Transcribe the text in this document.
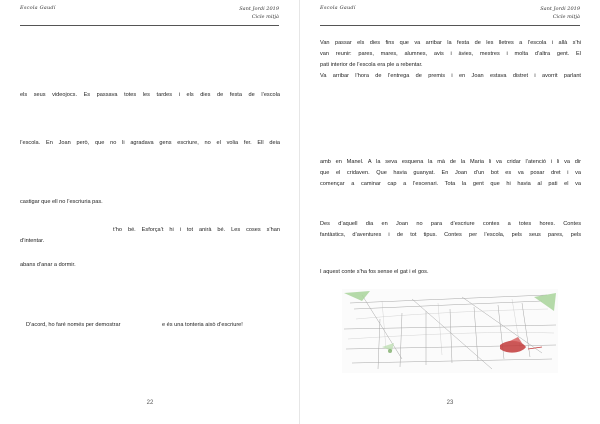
Escola Gaudí	Sant Jordi 2019
Cicle mitjà

els seus videojocs. Es passava totes les tardes i els dies de festa de l’escola

l’escola. En Joan però, que no li agradava gens escriure, no el volia fer. Ell deia

castigar que ell no l’escriuria pas.

t’ho bé. Esforça’t hi i tot anirà bé. Les coses s’han

d’intentar.

abans d’anar a dormir.

D’acord, ho faré només per demostrar	e és una tonteria això d’escriure!

22
Escola Gaudí	Sant Jordi 2019
Cicle mitjà

Van passar els dies fins que va arribar la festa de les lletres a l’escola i allà s’hi

van reunir: pares, mares, alumnes, avis i àvies, mestres i molta d’altra gent. El

pati interior de l’escola era ple a rebentar.

Va arribar l’hora de l’entrega de premis i en Joan estava distret i avorrit parlant

amb en Manel. A la seva esquena la mà de la Maria li va cridar l’atenció i li va dir

que el cridaven. Que havia guanyat. En Joan d’un bot es va posar dret i va

començar a caminar cap a l’escenari. Tota la gent que hi havia al pati el va

Des d’aquell dia en Joan no para d’escriure contes a totes hores. Contes

fantàstics, d’aventures i de tot tipus. Contes per l’escola, pels seus pares, pels

I aquest conte s’ha fos sense el gat i el gos.

23
